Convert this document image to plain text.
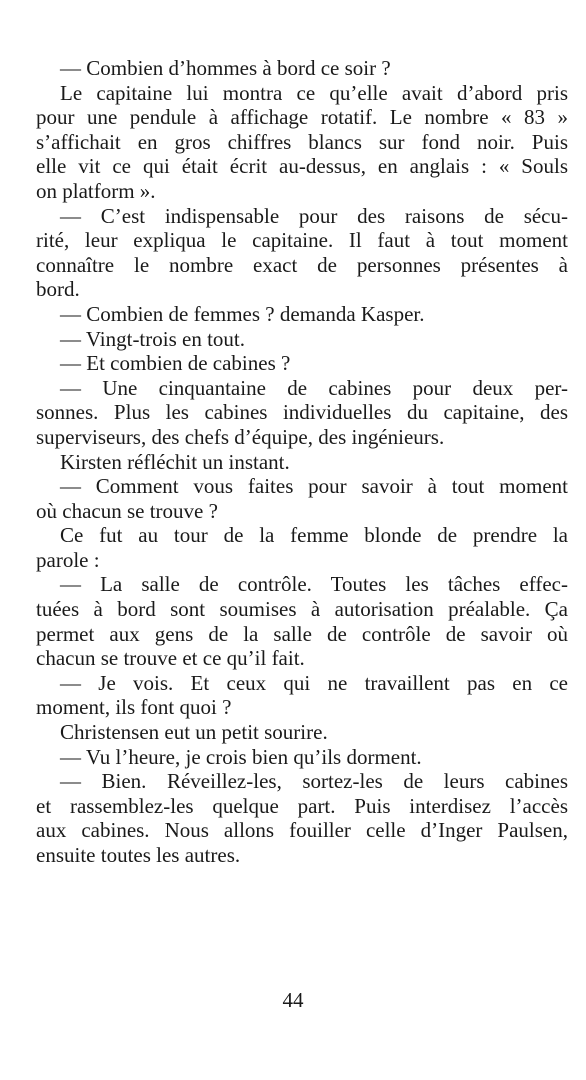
— Combien d’hommes à bord ce soir ?
Le capitaine lui montra ce qu’elle avait d’abord pris
pour une pendule à affichage rotatif. Le nombre « 83 »
s’affichait en gros chiffres blancs sur fond noir. Puis
elle vit ce qui était écrit au-dessus, en anglais : « Souls
on platform ».
— C’est indispensable pour des raisons de sécu-
rité, leur expliqua le capitaine. Il faut à tout moment
connaître le nombre exact de personnes présentes à
bord.
— Combien de femmes ? demanda Kasper.
— Vingt-trois en tout.
— Et combien de cabines ?
— Une cinquantaine de cabines pour deux per-
sonnes. Plus les cabines individuelles du capitaine, des
superviseurs, des chefs d’équipe, des ingénieurs.
Kirsten réfléchit un instant.
— Comment vous faites pour savoir à tout moment
où chacun se trouve ?
Ce fut au tour de la femme blonde de prendre la
parole :
— La salle de contrôle. Toutes les tâches effec-
tuées à bord sont soumises à autorisation préalable. Ça
permet aux gens de la salle de contrôle de savoir où
chacun se trouve et ce qu’il fait.
— Je vois. Et ceux qui ne travaillent pas en ce
moment, ils font quoi ?
Christensen eut un petit sourire.
— Vu l’heure, je crois bien qu’ils dorment.
— Bien. Réveillez-les, sortez-les de leurs cabines
et rassemblez-les quelque part. Puis interdisez l’accès
aux cabines. Nous allons fouiller celle d’Inger Paulsen,
ensuite toutes les autres.
44
